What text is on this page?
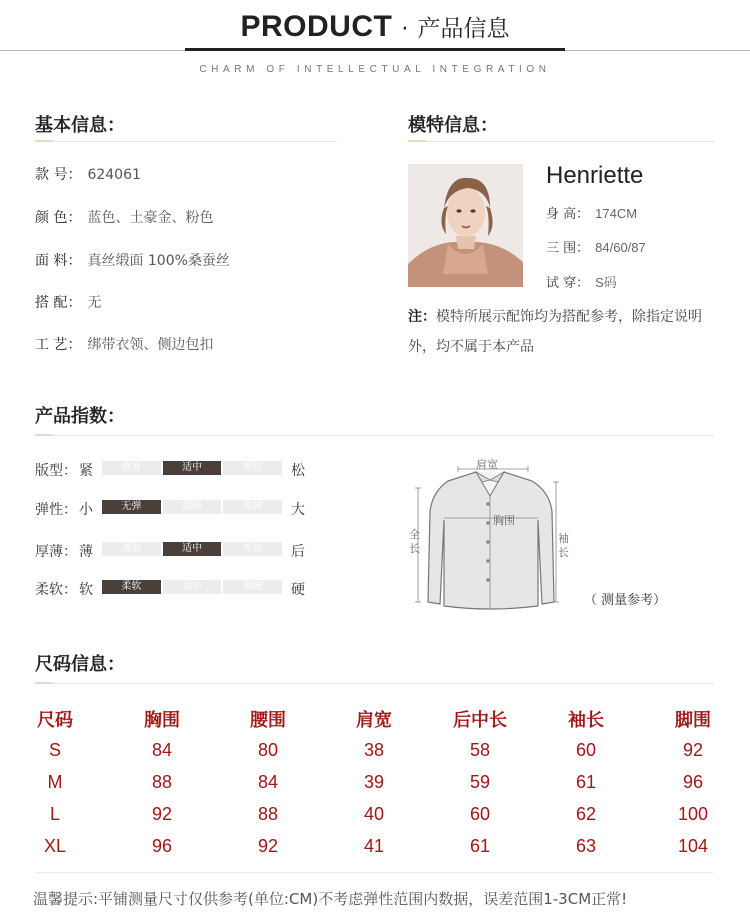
PRODUCT · 产品信息
CHARM OF INTELLECTUAL INTEGRATION
基本信息：
款 号： 624061
颜 色： 蓝色、土豪金、粉色
面 料： 真丝缎面 100%桑蚕丝
搭 配： 无
工 艺： 绑带衣领、侧边包扣
模特信息：
Henriette
身 高： 174CM
三 围： 84/60/87
试 穿： S码
注：模特所展示配饰均为搭配参考，除指定说明外，均不属于本产品
产品指数：
版型： 紧	修身	适中	宽松	松
弹性： 小	无弹	微弹	高弹	大
厚薄： 薄	薄款	适中	厚款	后
柔软： 软	柔软	适中	偏硬	硬
肩宽
胸围
全长
袖长
（ 测量参考）
尺码信息：
尺码	胸围	腰围	肩宽	后中长	袖长	脚围
S	84	80	38	58	60	92
M	88	84	39	59	61	96
L	92	88	40	60	62	100
XL	96	92	41	61	63	104
温馨提示:平铺测量尺寸仅供参考(单位:CM)不考虑弹性范围内数据，误差范围1-3CM正常!
